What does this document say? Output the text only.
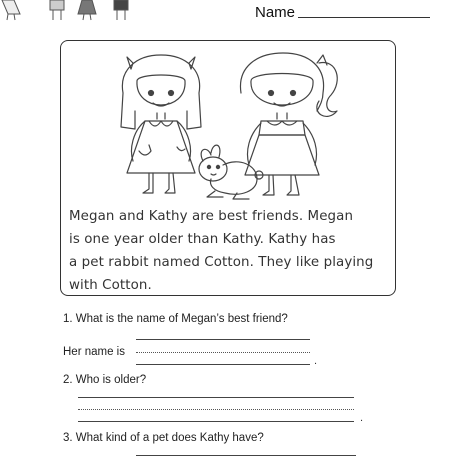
Name
Megan and Kathy are best friends. Megan
is one year older than Kathy. Kathy has
a pet rabbit named Cotton. They like playing
with Cotton.
1. What is the name of Megan’s best friend?
Her name is
.
2. Who is older?
.
3. What kind of a pet does Kathy have?
